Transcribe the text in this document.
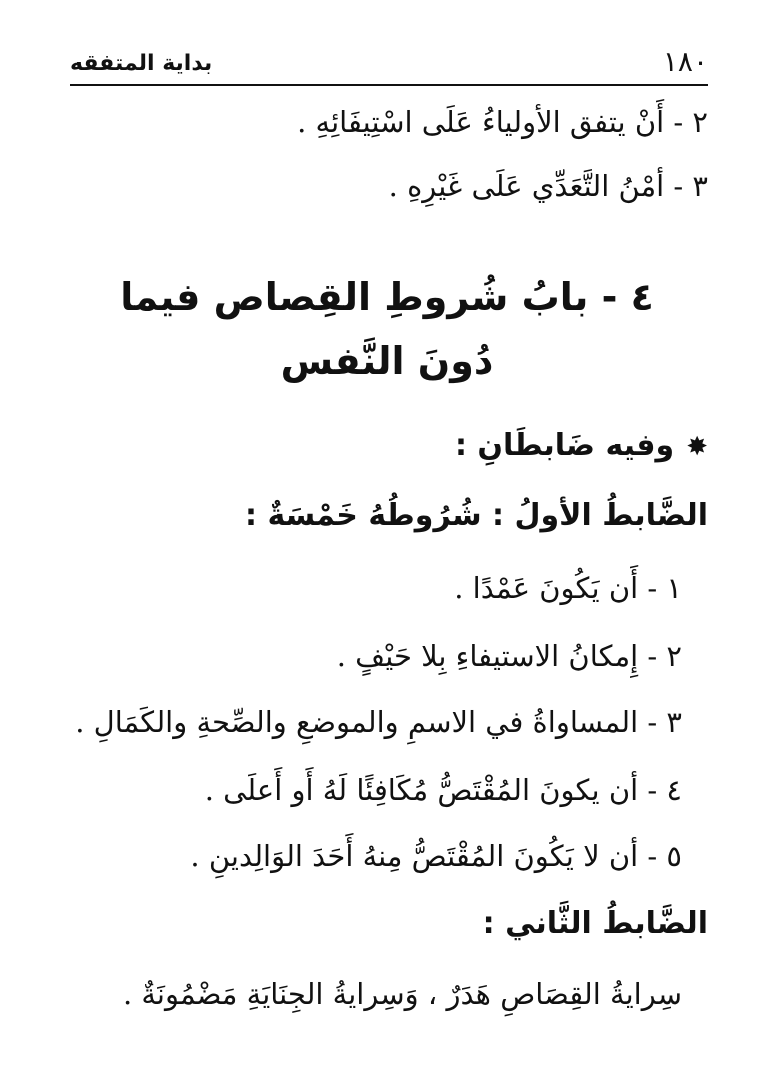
١٨٠
بداية المتفقه
٢ - أَنْ يتفق الأولياءُ عَلَى اسْتِيفَائِهِ .
٣ - أمْنُ التَّعَدِّي عَلَى غَيْرِهِ .
٤ - بابُ شُروطِ القِصاص فيما
دُونَ النَّفس
✸وفيه ضَابطَانِ :
الضَّابطُ الأولُ : شُرُوطُهُ خَمْسَةٌ :
١ - أَن يَكُونَ عَمْدًا .
٢ - إِمكانُ الاستيفاءِ بِلا حَيْفٍ .
٣ - المساواةُ في الاسمِ والموضعِ والصِّحةِ والكَمَالِ .
٤ - أن يكونَ المُقْتَصُّ مُكَافِئًا لَهُ أَو أَعلَى .
٥ - أن لا يَكُونَ المُقْتَصُّ مِنهُ أَحَدَ الوَالِدينِ .
الضَّابطُ الثَّاني :
سِرايةُ القِصَاصِ هَدَرٌ ، وَسِرايةُ الجِنَايَةِ مَضْمُونَةٌ .
